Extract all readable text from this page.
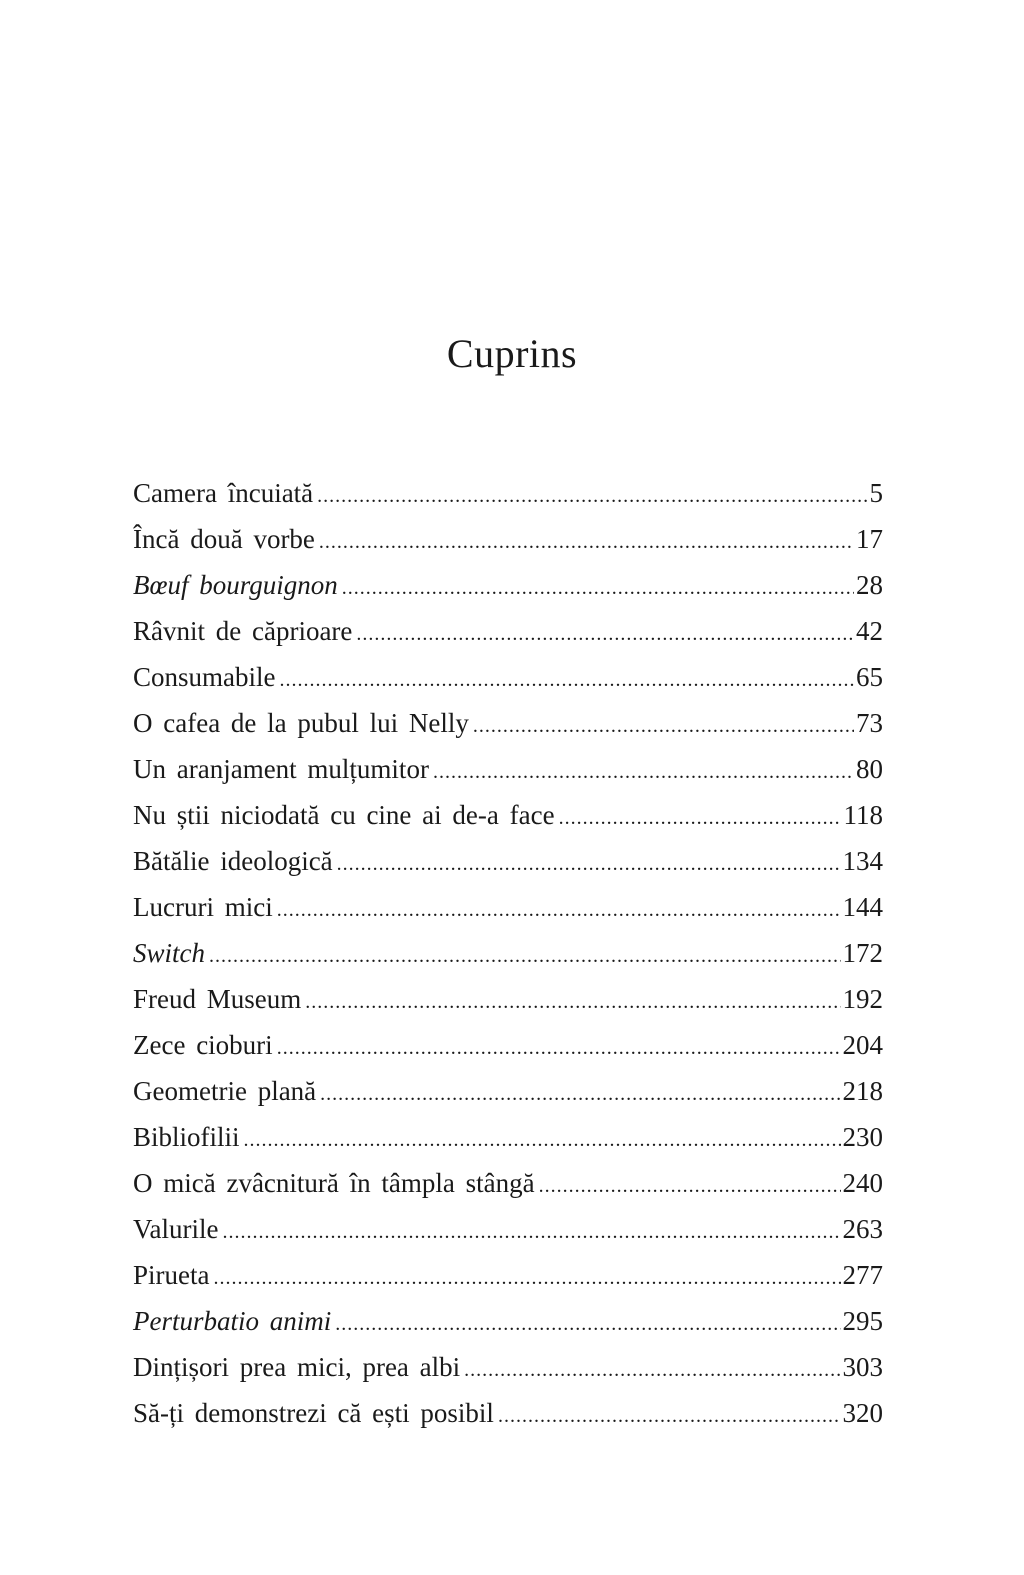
Cuprins
Camera încuiată .....	5
Încă două vorbe .....	17
Bœuf bourguignon .....	28
Râvnit de căprioare .....	42
Consumabile .....	65
O cafea de la pubul lui Nelly .....	73
Un aranjament mulțumitor .....	80
Nu știi niciodată cu cine ai de-a face .....	118
Bătălie ideologică .....	134
Lucruri mici .....	144
Switch .....	172
Freud Museum .....	192
Zece cioburi .....	204
Geometrie plană .....	218
Bibliofilii .....	230
O mică zvâcnitură în tâmpla stângă .....	240
Valurile .....	263
Pirueta .....	277
Perturbatio animi .....	295
Dințișori prea mici, prea albi .....	303
Să-ți demonstrezi că ești posibil .....	320
